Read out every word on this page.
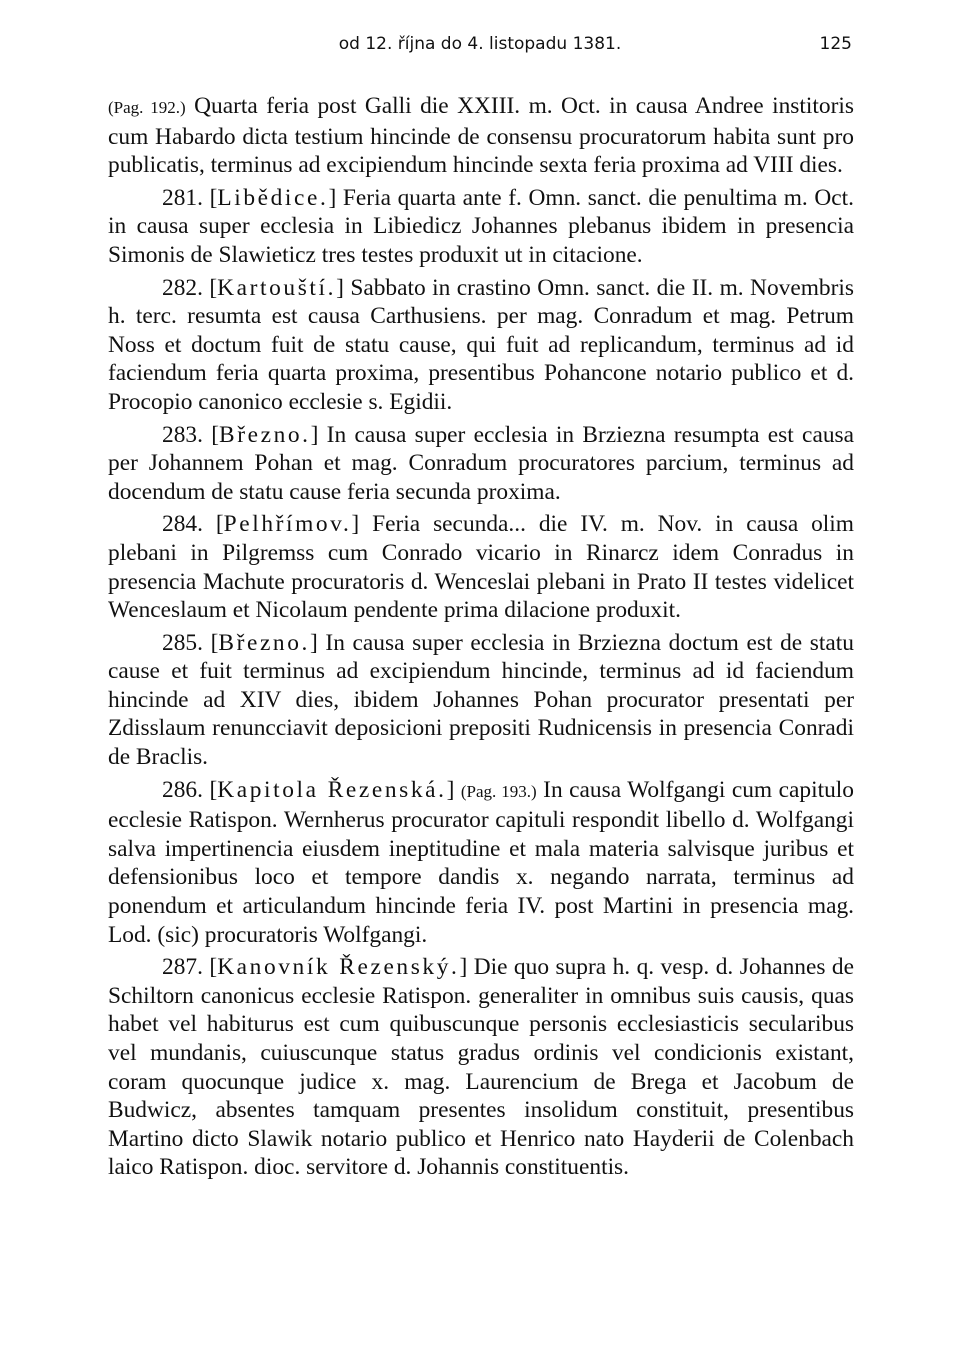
od 12. října do 4. listopadu 1381.	125

(Pag. 192.) Quarta feria post Galli die XXIII. m. Oct. in causa Andree institoris cum Habardo dicta testium hincinde de consensu procuratorum habita sunt pro publicatis, terminus ad excipiendum hincinde sexta feria proxima ad VIII dies.

281. [Libědice.] Feria quarta ante f. Omn. sanct. die penultima m. Oct. in causa super ecclesia in Libiedicz Johannes plebanus ibidem in presencia Simonis de Slawieticz tres testes produxit ut in citacione.

282. [Kartouští.] Sabbato in crastino Omn. sanct. die II. m. Novembris h. terc. resumta est causa Carthusiens. per mag. Conradum et mag. Petrum Noss et doctum fuit de statu cause, qui fuit ad replicandum, terminus ad id faciendum feria quarta proxima, presentibus Pohancone notario publico et d. Procopio canonico ecclesie s. Egidii.

283. [Březno.] In causa super ecclesia in Brziezna resumpta est causa per Johannem Pohan et mag. Conradum procuratores parcium, terminus ad docendum de statu cause feria secunda proxima.

284. [Pelhřímov.] Feria secunda... die IV. m. Nov. in causa olim plebani in Pilgremss cum Conrado vicario in Rinarcz idem Conradus in presencia Machute procuratoris d. Wenceslai plebani in Prato II testes videlicet Wenceslaum et Nicolaum pendente prima dilacione produxit.

285. [Březno.] In causa super ecclesia in Brziezna doctum est de statu cause et fuit terminus ad excipiendum hincinde, terminus ad id faciendum hincinde ad XIV dies, ibidem Johannes Pohan procurator presentati per Zdisslaum renuncciavit deposicioni prepositi Rudnicensis in presencia Conradi de Braclis.

286. [Kapitola Řezenská.] (Pag. 193.) In causa Wolfgangi cum capitulo ecclesie Ratispon. Wernherus procurator capituli respondit libello d. Wolfgangi salva impertinencia eiusdem ineptitudine et mala materia salvisque juribus et defensionibus loco et tempore dandis x. negando narrata, terminus ad ponendum et articulandum hincinde feria IV. post Martini in presencia mag. Lod. (sic) procuratoris Wolfgangi.

287. [Kanovník Řezenský.] Die quo supra h. q. vesp. d. Johannes de Schiltorn canonicus ecclesie Ratispon. generaliter in omnibus suis causis, quas habet vel habiturus est cum quibuscunque personis ecclesiasticis secularibus vel mundanis, cuiuscunque status gradus ordinis vel condicionis existant, coram quocunque judice x. mag. Laurencium de Brega et Jacobum de Budwicz, absentes tamquam presentes insolidum constituit, presentibus Martino dicto Slawik notario publico et Henrico nato Hayderii de Colenbach laico Ratispon. dioc. servitore d. Johannis constituentis.
